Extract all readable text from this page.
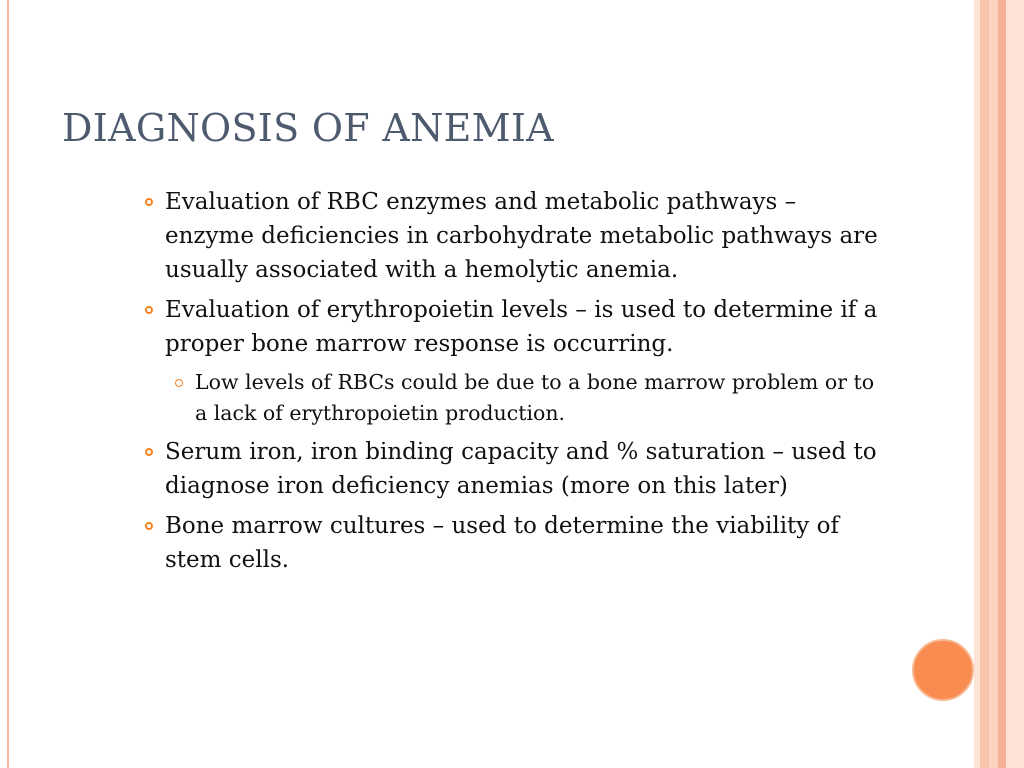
DIAGNOSIS OF ANEMIA
Evaluation of RBC enzymes and metabolic pathways – enzyme deficiencies in carbohydrate metabolic pathways are usually associated with a hemolytic anemia.
Evaluation of erythropoietin levels – is used to determine if a proper bone marrow response is occurring.
Low levels of RBCs could be due to a bone marrow problem or to a lack of erythropoietin production.
Serum iron, iron binding capacity and % saturation – used to diagnose iron deficiency anemias (more on this later)
Bone marrow cultures – used to determine the viability of stem cells.
